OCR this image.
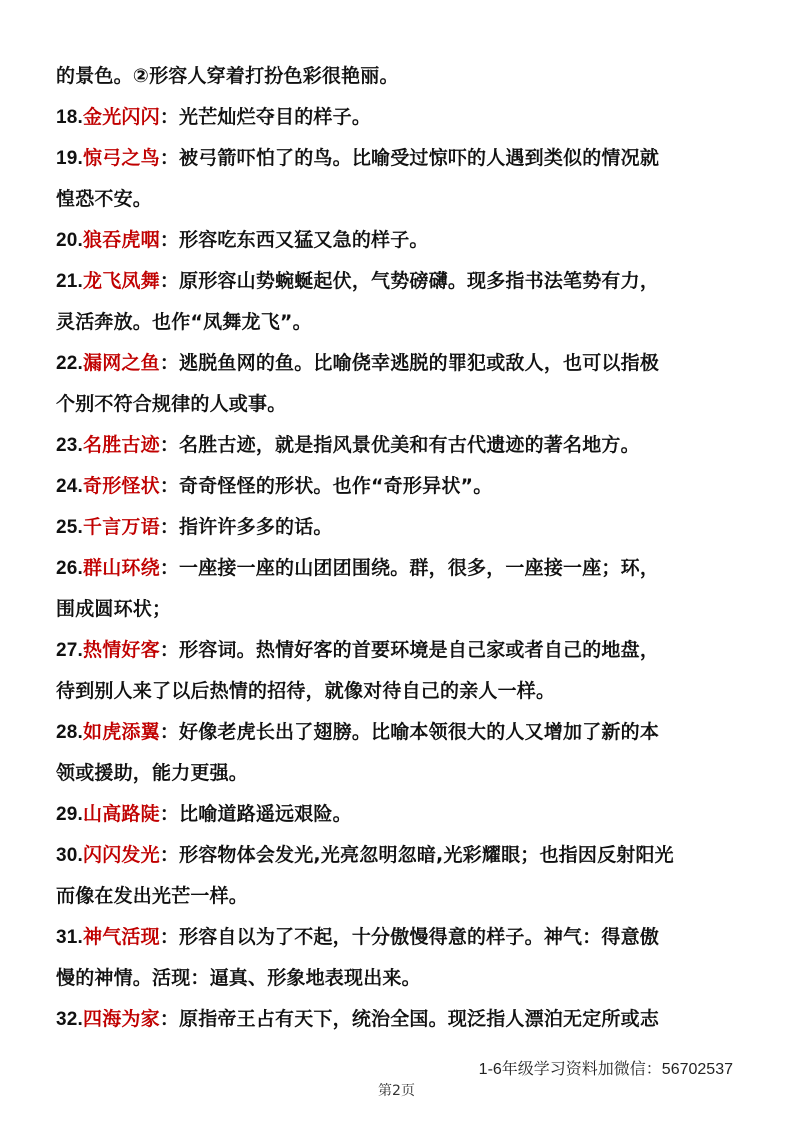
的景色。②形容人穿着打扮色彩很艳丽。
18.金光闪闪：光芒灿烂夺目的样子。
19.惊弓之鸟：被弓箭吓怕了的鸟。比喻受过惊吓的人遇到类似的情况就
惶恐不安。
20.狼吞虎咽：形容吃东西又猛又急的样子。
21.龙飞凤舞：原形容山势蜿蜒起伏，气势磅礴。现多指书法笔势有力，
灵活奔放。也作“凤舞龙飞”。
22.漏网之鱼：逃脱鱼网的鱼。比喻侥幸逃脱的罪犯或敌人，也可以指极
个别不符合规律的人或事。
23.名胜古迹：名胜古迹，就是指风景优美和有古代遗迹的著名地方。
24.奇形怪状：奇奇怪怪的形状。也作“奇形异状”。
25.千言万语：指许许多多的话。
26.群山环绕：一座接一座的山团团围绕。群，很多，一座接一座；环，
围成圆环状；
27.热情好客：形容词。热情好客的首要环境是自己家或者自己的地盘，
待到别人来了以后热情的招待，就像对待自己的亲人一样。
28.如虎添翼：好像老虎长出了翅膀。比喻本领很大的人又增加了新的本
领或援助，能力更强。
29.山高路陡：比喻道路遥远艰险。
30.闪闪发光：形容物体会发光,光亮忽明忽暗,光彩耀眼；也指因反射阳光
而像在发出光芒一样。
31.神气活现：形容自以为了不起，十分傲慢得意的样子。神气：得意傲
慢的神情。活现：逼真、形象地表现出来。
32.四海为家：原指帝王占有天下，统治全国。现泛指人漂泊无定所或志
1-6年级学习资料加微信：56702537
第2页
